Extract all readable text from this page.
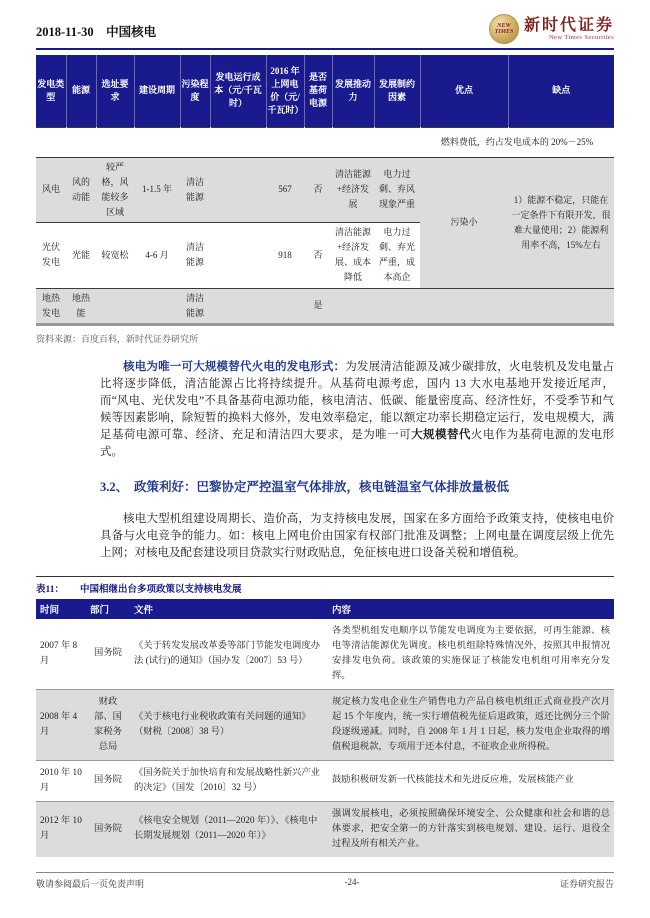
2018-11-30　中国核电	NEW
TIMES 新时代证券
New Times Securities
发电类型	能源	选址要求	建设周期	污染程度	发电运行成本（元/千瓦时）	2016 年上网电价（元/千瓦时）	是否基荷电源	发展推动力	发展制约因素	优点	缺点
										燃料费低，约占发电成本的 20%－25%	
风电	风的动能	较严格，风能较多区域	1-1.5 年	清洁能源		567	否	清洁能源+经济发展	电力过剩、弃风现象严重	污染小	1）能源不稳定，只能在一定条件下有限开发，很难大量使用；2）能源利用率不高，15%左右
光伏发电	光能	较宽松	4-6 月	清洁能源		918	否	清洁能源+经济发展、成本降低	电力过剩、弃光严重，成本高企		
地热发电	地热能			清洁能源			是				
资料来源：百度百科，新时代证券研究所

核电为唯一可大规模替代火电的发电形式：为发展清洁能源及减少碳排放，火电装机及发电量占比将逐步降低，清洁能源占比将持续提升。从基荷电源考虑，国内 13 大水电基地开发接近尾声，而“风电、光伏发电”不具备基荷电源功能，核电清洁、低碳、能量密度高、经济性好，不受季节和气候等因素影响，除短暂的换料大修外，发电效率稳定，能以额定功率长期稳定运行，发电规模大，满足基荷电源可靠、经济、充足和清洁四大要求，是为唯一可大规模替代火电作为基荷电源的发电形式。

3.2、 政策利好：巴黎协定严控温室气体排放，核电链温室气体排放量极低

核电大型机组建设周期长、造价高，为支持核电发展，国家在多方面给予政策支持，使核电电价具备与火电竞争的能力。如：核电上网电价由国家有权部门批准及调整；上网电量在调度层级上优先上网；对核电及配套建设项目贷款实行财政贴息，免征核电进口设备关税和增值税。

表11： 中国相继出台多项政策以支持核电发展
时间	部门	文件	内容
2007 年 8 月	国务院	《关于转发发展改革委等部门节能发电调度办法 (试行)的通知》（国办发〔2007〕53 号）	各类型机组发电顺序以节能发电调度为主要依据，可再生能源、核电等清洁能源优先调度。核电机组除特殊情况外，按照其申报情况安排发电负荷。该政策的实施保证了核能发电机组可用率充分发挥。
2008 年 4 月	财政部、国家税务总局	《关于核电行业税收政策有关问题的通知》（财税〔2008〕38 号）	规定核力发电企业生产销售电力产品自核电机组正式商业投产次月起 15 个年度内，统一实行增值税先征后退政策，返还比例分三个阶段逐级递减。同时，自 2008 年 1 月 1 日起，核力发电企业取得的增值税退税款，专项用于还本付息，不征收企业所得税。
2010 年 10 月	国务院	《国务院关于加快培育和发展战略性新兴产业的决定》（国发〔2010〕32 号）	鼓励积极研发新一代核能技术和先进反应堆，发展核能产业
2012 年 10 月	国务院	《核电安全规划（2011—2020 年）》、《核电中长期发展规划（2011—2020 年）》	强调发展核电，必须按照确保环境安全、公众健康和社会和谐的总体要求，把安全第一的方针落实到核电规划、建设、运行、退役全过程及所有相关产业。
敬请参阅最后一页免责声明	-24-	证券研究报告
